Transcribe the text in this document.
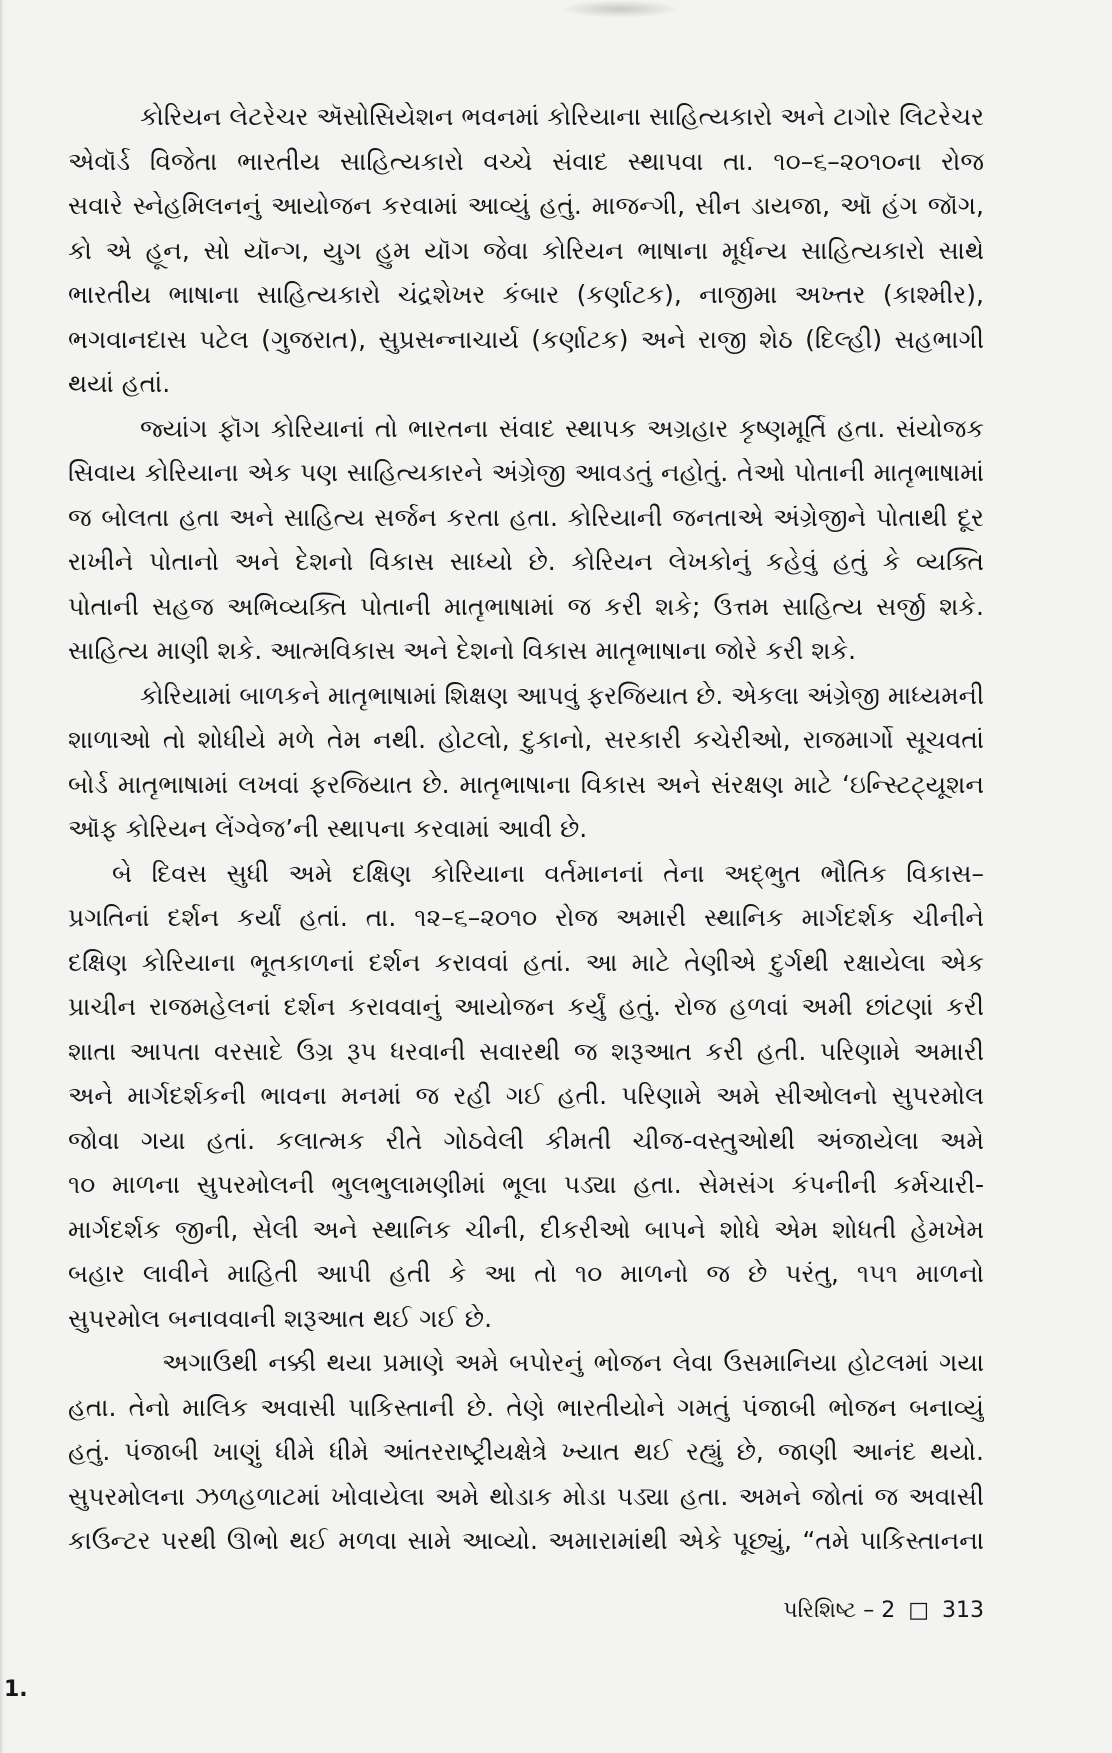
કોરિયન લેટરેચર ઍસોસિયેશન ભવનમાં કોરિયાના સાહિત્યકારો અને ટાગોર લિટરેચર
એવૉર્ડ વિજેતા ભારતીય સાહિત્યકારો વચ્ચે સંવાદ સ્થાપવા તા. ૧૦–૬–૨૦૧૦ના રોજ
સવારે સ્નેહમિલનનું આયોજન કરવામાં આવ્યું હતું. માજન્ગી, સીન ડાયજા, ઑ હંગ જૉગ,
કો એ હૂન, સો યૉન્ગ, યુગ હુમ યૉગ જેવા કોરિયન ભાષાના મૂર્ધન્ય સાહિત્યકારો સાથે
ભારતીય ભાષાના સાહિત્યકારો ચંદ્રશેખર કંબાર (કર્ણાટક), નાજીમા અખ્તર (કાશ્મીર),
ભગવાનદાસ પટેલ (ગુજરાત), સુપ્રસન્નાચાર્ય (કર્ણાટક) અને રાજી શેઠ (દિલ્હી) સહભાગી
થયાં હતાં.
જ્યાંગ ફૉગ કોરિયાનાં તો ભારતના સંવાદ સ્થાપક અગ્રહાર કૃષ્ણમૂર્તિ હતા. સંયોજક
સિવાય કોરિયાના એક પણ સાહિત્યકારને અંગ્રેજી આવડતું નહોતું. તેઓ પોતાની માતૃભાષામાં
જ બોલતા હતા અને સાહિત્ય સર્જન કરતા હતા. કોરિયાની જનતાએ અંગ્રેજીને પોતાથી દૂર
રાખીને પોતાનો અને દેશનો વિકાસ સાધ્યો છે. કોરિયન લેખકોનું કહેવું હતું કે વ્યક્તિ
પોતાની સહજ અભિવ્યક્તિ પોતાની માતૃભાષામાં જ કરી શકે; ઉત્તમ સાહિત્ય સર્જી શકે.
સાહિત્ય માણી શકે. આત્મવિકાસ અને દેશનો વિકાસ માતૃભાષાના જોરે કરી શકે.
કોરિયામાં બાળકને માતૃભાષામાં શિક્ષણ આપવું ફરજિયાત છે. એકલા અંગ્રેજી માધ્યમની
શાળાઓ તો શોધીયે મળે તેમ નથી. હોટલો, દુકાનો, સરકારી કચેરીઓ, રાજમાર્ગો સૂચવતાં
બોર્ડ માતૃભાષામાં લખવાં ફરજિયાત છે. માતૃભાષાના વિકાસ અને સંરક્ષણ માટે ‘ઇન્સ્ટિટ્યૂશન
ઑફ કોરિયન લેંગ્વેજ’ની સ્થાપના કરવામાં આવી છે.
બે દિવસ સુધી અમે દક્ષિણ કોરિયાના વર્તમાનનાં તેના અદ્ભુત ભૌતિક વિકાસ–
પ્રગતિનાં દર્શન કર્યાં હતાં. તા. ૧૨–૬–૨૦૧૦ રોજ અમારી સ્થાનિક માર્ગદર્શક ચીનીને
દક્ષિણ કોરિયાના ભૂતકાળનાં દર્શન કરાવવાં હતાં. આ માટે તેણીએ દુર્ગથી રક્ષાયેલા એક
પ્રાચીન રાજમહેલનાં દર્શન કરાવવાનું આયોજન કર્યું હતું. રોજ હળવાં અમી છાંટણાં કરી
શાતા આપતા વરસાદે ઉગ્ર રૂપ ધરવાની સવારથી જ શરૂઆત કરી હતી. પરિણામે અમારી
અને માર્ગદર્શકની ભાવના મનમાં જ રહી ગઈ હતી. પરિણામે અમે સીઓલનો સુપરમોલ
જોવા ગયા હતાં. કલાત્મક રીતે ગોઠવેલી કીમતી ચીજ-વસ્તુઓથી અંજાયેલા અમે
૧૦ માળના સુપરમોલની ભુલભુલામણીમાં ભૂલા પડ્યા હતા. સેમસંગ કંપનીની કર્મચારી-
માર્ગદર્શક જીની, સેલી અને સ્થાનિક ચીની, દીકરીઓ બાપને શોધે એમ શોધતી હેમખેમ
બહાર લાવીને માહિતી આપી હતી કે આ તો ૧૦ માળનો જ છે પરંતુ, ૧૫૧ માળનો
સુપરમોલ બનાવવાની શરૂઆત થઈ ગઈ છે.
અગાઉથી નક્કી થયા પ્રમાણે અમે બપોરનું ભોજન લેવા ઉસમાનિયા હોટલમાં ગયા
હતા. તેનો માલિક અવાસી પાકિસ્તાની છે. તેણે ભારતીયોને ગમતું પંજાબી ભોજન બનાવ્યું
હતું. પંજાબી ખાણું ધીમે ધીમે આંતરરાષ્ટ્રીયક્ષેત્રે ખ્યાત થઈ રહ્યું છે, જાણી આનંદ થયો.
સુપરમોલના ઝળહળાટમાં ખોવાયેલા અમે થોડાક મોડા પડ્યા હતા. અમને જોતાં જ અવાસી
કાઉન્ટર પરથી ઊભો થઈ મળવા સામે આવ્યો. અમારામાંથી એકે પૂછ્યું, “તમે પાકિસ્તાનના
પરિશિષ્ટ – 2 □ 313
1.
